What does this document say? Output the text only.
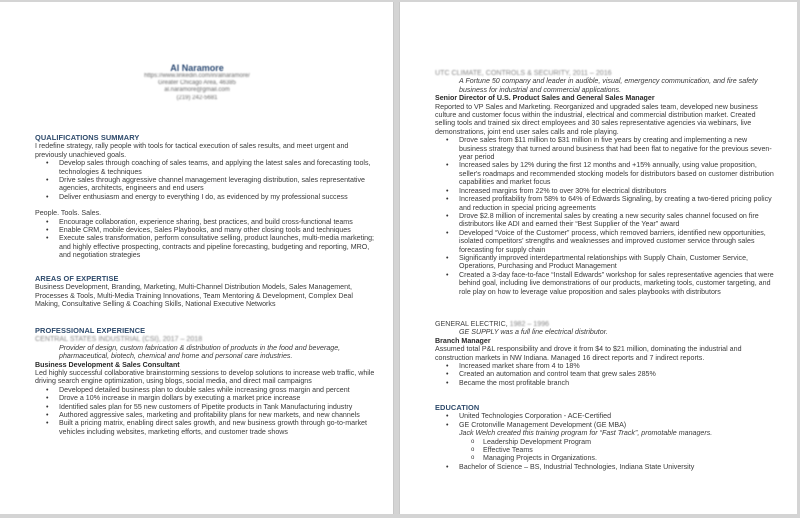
Al Naramore
https://www.linkedin.com/in/alnaramore/
Greater Chicago Area, 46385
al.naramore@gmail.com
(219) 242-5681
QUALIFICATIONS SUMMARY

I redefine strategy, rally people with tools for tactical execution of sales results, and meet urgent and previously unachieved goals.

• Develop sales through coaching of sales teams, and applying the latest sales and forecasting tools, technologies & techniques
• Drive sales through aggressive channel management leveraging distribution, sales representative agencies, architects, engineers and end users
• Deliver enthusiasm and energy to everything I do, as evidenced by my professional success

People. Tools. Sales.

• Encourage collaboration, experience sharing, best practices, and build cross-functional teams
• Enable CRM, mobile devices, Sales Playbooks, and many other closing tools and techniques
• Execute sales transformation, perform consultative selling, product launches, multi-media marketing; and highly effective prospecting, contracts and pipeline forecasting, budgeting and reporting, MRO, and negotiation strategies
AREAS OF EXPERTISE

Business Development, Branding, Marketing, Multi-Channel Distribution Models, Sales Management, Processes & Tools, Multi-Media Training Innovations, Team Mentoring & Development, Complex Deal Making, Consultative Selling & Coaching Skills, National Executive Networks

PROFESSIONAL EXPERIENCE
CENTRAL STATES INDUSTRIAL (CSI), 2017 – 2018

Provider of design, custom fabrication & distribution of products in the food and beverage, pharmaceutical, biotech, chemical and home and personal care industries.

Business Development & Sales Consultant

Led highly successful collaborative brainstorming sessions to develop solutions to increase web traffic, while driving search engine optimization, using blogs, social media, and direct mail campaigns

• Developed detailed business plan to double sales while increasing gross margin and percent
• Drove a 10% increase in margin dollars by executing a market price increase
• Identified sales plan for 55 new customers of Pipetite products in Tank Manufacturing industry
• Authored aggressive sales, marketing and profitability plans for new markets, and new channels
• Built a pricing matrix, enabling direct sales growth, and new business growth through go-to-market vehicles including websites, marketing efforts, and customer trade shows
UTC CLIMATE, CONTROLS & SECURITY, 2011 – 2016

A Fortune 50 company and leader in audible, visual, emergency communication, and fire safety business for industrial and commercial applications.

Senior Director of U.S. Product Sales and General Sales Manager

Reported to VP Sales and Marketing. Reorganized and upgraded sales team, developed new business culture and customer focus within the industrial, electrical and commercial distribution market. Created selling tools and trained six direct employees and 30 sales representative agencies via webinars, live demonstrations, joint end user sales calls and role playing.

• Drove sales from $11 million to $31 million in five years by creating and implementing a new business strategy that turned around business that had been flat to negative for the previous seven-year period
• Increased sales by 12% during the first 12 months and +15% annually, using value proposition, seller's roadmaps and recommended stocking models for distributors based on customer distribution capabilities and market focus
• Increased margins from 22% to over 30% for electrical distributors
• Increased profitability from 58% to 64% of Edwards Signaling, by creating a two-tiered pricing policy and reduction in special pricing agreements
• Drove $2.8 million of incremental sales by creating a new security sales channel focused on fire distributors like ADI and earned their “Best Supplier of the Year” award
• Developed “Voice of the Customer” process, which removed barriers, identified new opportunities, isolated competitors' strengths and weaknesses and improved customer service through sales forecasting for supply chain
• Significantly improved interdepartmental relationships with Supply Chain, Customer Service, Operations, Purchasing and Product Management
• Created a 3-day face-to-face “Install Edwards” workshop for sales representative agencies that were behind goal, including live demonstrations of our products, marketing tools, customer targeting, and role play on how to leverage value proposition and sales playbooks with distributors
GENERAL ELECTRIC, 1982 – 1996

GE SUPPLY was a full line electrical distributor.

Branch Manager

Assumed total P&L responsibility and drove it from $4 to $21 million, dominating the industrial and construction markets in NW Indiana. Managed 16 direct reports and 7 indirect reports.

• Increased market share from 4 to 18%
• Created an automation and control team that grew sales 285%
• Became the most profitable branch
EDUCATION
• United Technologies Corporation - ACE-Certified
• GE Crotonville Management Development (GE MBA)
Jack Welch created this training program for “Fast Track”, promotable managers.
o Leadership Development Program
o Effective Teams
o Managing Projects in Organizations.
• Bachelor of Science – BS, Industrial Technologies, Indiana State University
